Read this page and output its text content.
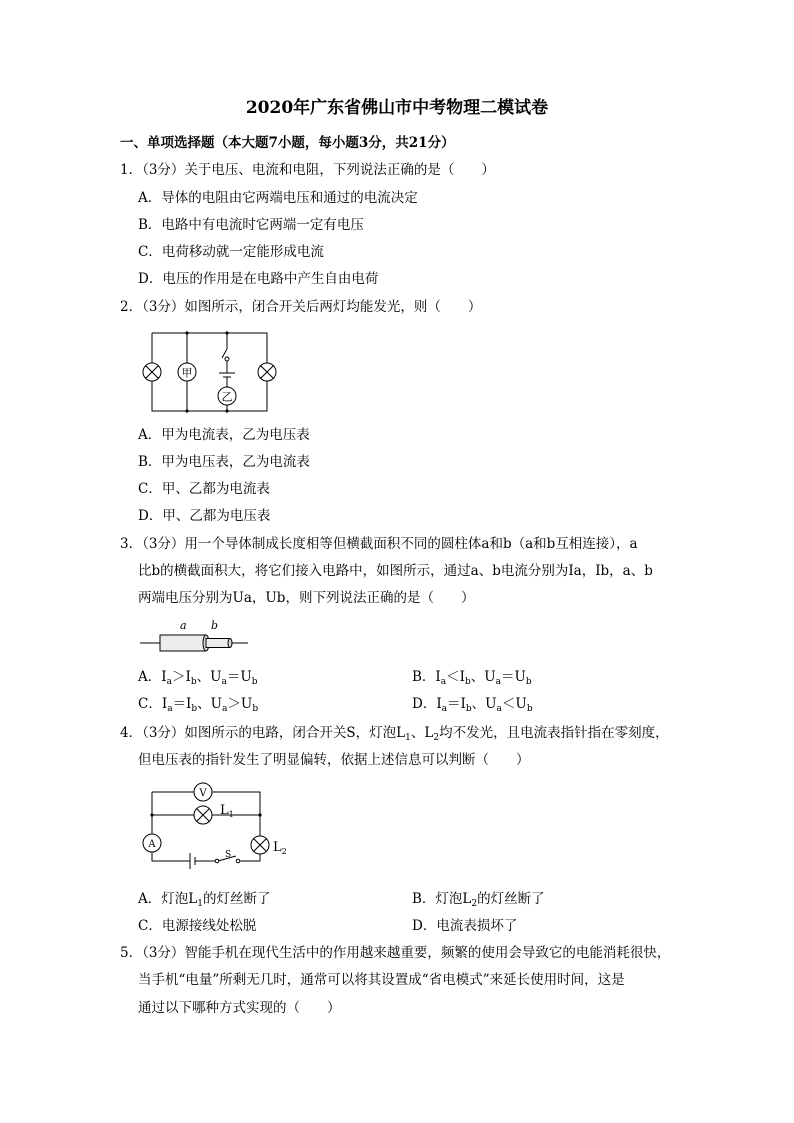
2020年广东省佛山市中考物理二模试卷
一、单项选择题（本大题7小题，每小题3分，共21分）
1．（3分）关于电压、电流和电阻，下列说法正确的是（　　）
A．导体的电阻由它两端电压和通过的电流决定
B．电路中有电流时它两端一定有电压
C．电荷移动就一定能形成电流
D．电压的作用是在电路中产生自由电荷
2．（3分）如图所示，闭合开关后两灯均能发光，则（　　）
甲
乙
A．甲为电流表，乙为电压表
B．甲为电压表，乙为电流表
C．甲、乙都为电流表
D．甲、乙都为电压表
3．（3分）用一个导体制成长度相等但横截面积不同的圆柱体a和b（a和b互相连接），a
比b的横截面积大，将它们接入电路中，如图所示，通过a、b电流分别为Ia，Ib，a、b
两端电压分别为Ua，Ub，则下列说法正确的是（　　）
a b
A．$I_a>I_b$、$U_a=U_b$	B．$I_a<I_b$、$U_a=U_b$
C．$I_a=I_b$、$U_a>U_b$	D．$I_a=I_b$、$U_a<U_b$
4．（3分）如图所示的电路，闭合开关S，灯泡$L_1$、$L_2$均不发光，且电流表指针指在零刻度，
但电压表的指针发生了明显偏转，依据上述信息可以判断（　　）
V
$L_1$
A	$L_2$
S
A．灯泡$L_1$的灯丝断了	B．灯泡$L_2$的灯丝断了
C．电源接线处松脱	D．电流表损坏了
5．（3分）智能手机在现代生活中的作用越来越重要，频繁的使用会导致它的电能消耗很快，
当手机“电量”所剩无几时，通常可以将其设置成“省电模式”来延长使用时间，这是
通过以下哪种方式实现的（　　）
